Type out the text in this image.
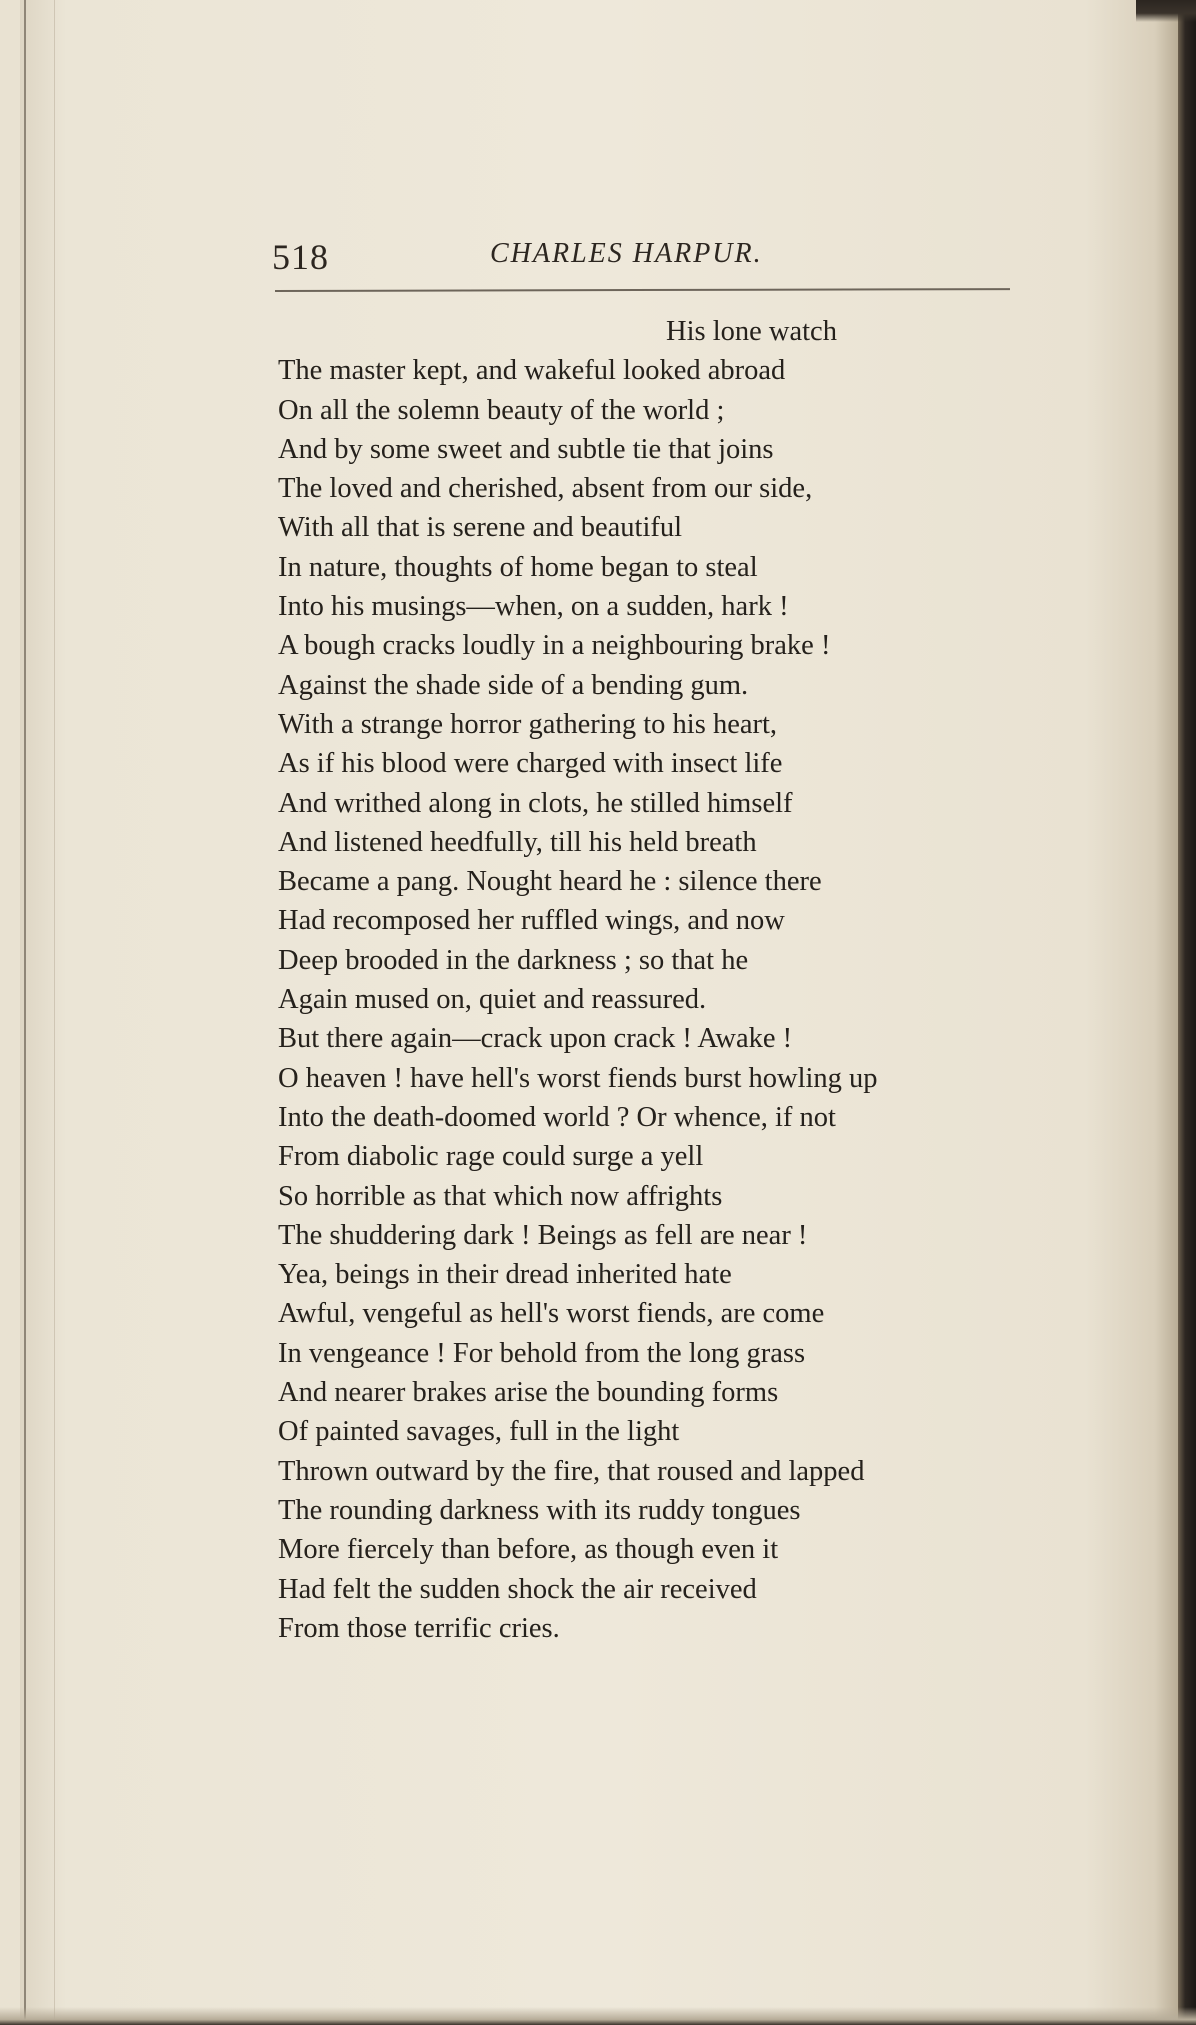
518	CHARLES HARPUR.
His lone watch
The master kept, and wakeful looked abroad
On all the solemn beauty of the world ;
And by some sweet and subtle tie that joins
The loved and cherished, absent from our side,
With all that is serene and beautiful
In nature, thoughts of home began to steal
Into his musings—when, on a sudden, hark !
A bough cracks loudly in a neighbouring brake !
Against the shade side of a bending gum.
With a strange horror gathering to his heart,
As if his blood were charged with insect life
And writhed along in clots, he stilled himself
And listened heedfully, till his held breath
Became a pang. Nought heard he : silence there
Had recomposed her ruffled wings, and now
Deep brooded in the darkness ; so that he
Again mused on, quiet and reassured.
But there again—crack upon crack ! Awake !
O heaven ! have hell's worst fiends burst howling up
Into the death-doomed world ? Or whence, if not
From diabolic rage could surge a yell
So horrible as that which now affrights
The shuddering dark ! Beings as fell are near !
Yea, beings in their dread inherited hate
Awful, vengeful as hell's worst fiends, are come
In vengeance ! For behold from the long grass
And nearer brakes arise the bounding forms
Of painted savages, full in the light
Thrown outward by the fire, that roused and lapped
The rounding darkness with its ruddy tongues
More fiercely than before, as though even it
Had felt the sudden shock the air received
From those terrific cries.
